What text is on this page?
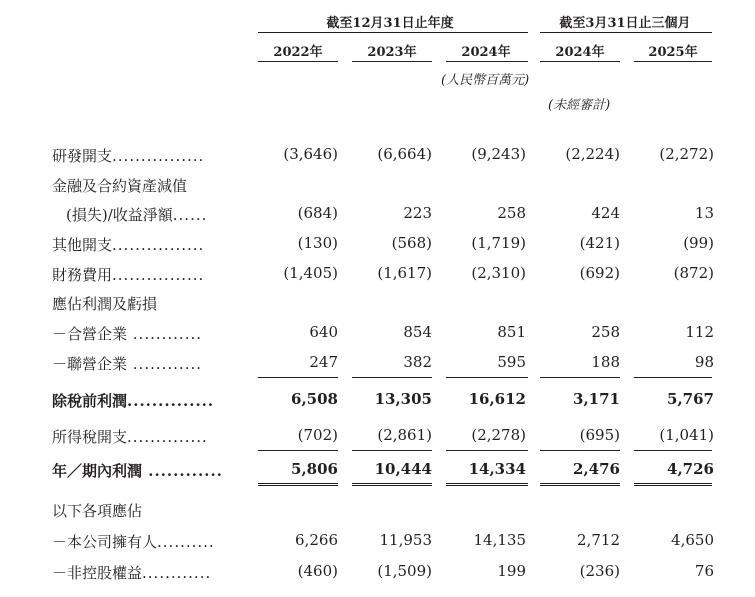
截至12月31日止年度	截至3月31日止三個月
2022年	2023年	2024年	2024年	2025年
(人民幣百萬元)
(未經審計)
研發開支................	(3,646)	(6,664)	(9,243)	(2,224)	(2,272)
金融及合約資產減值
(損失)/收益淨額......	(684)	223	258	424	13
其他開支................	(130)	(568)	(1,719)	(421)	(99)
財務費用................	(1,405)	(1,617)	(2,310)	(692)	(872)
應佔利潤及虧損
－合營企業 ............	640	854	851	258	112
－聯營企業 ............	247	382	595	188	98
除稅前利潤..............	6,508	13,305	16,612	3,171	5,767
所得稅開支..............	(702)	(2,861)	(2,278)	(695)	(1,041)
年／期內利潤 ............	5,806	10,444	14,334	2,476	4,726
以下各項應佔
－本公司擁有人..........	6,266	11,953	14,135	2,712	4,650
－非控股權益............	(460)	(1,509)	199	(236)	76
